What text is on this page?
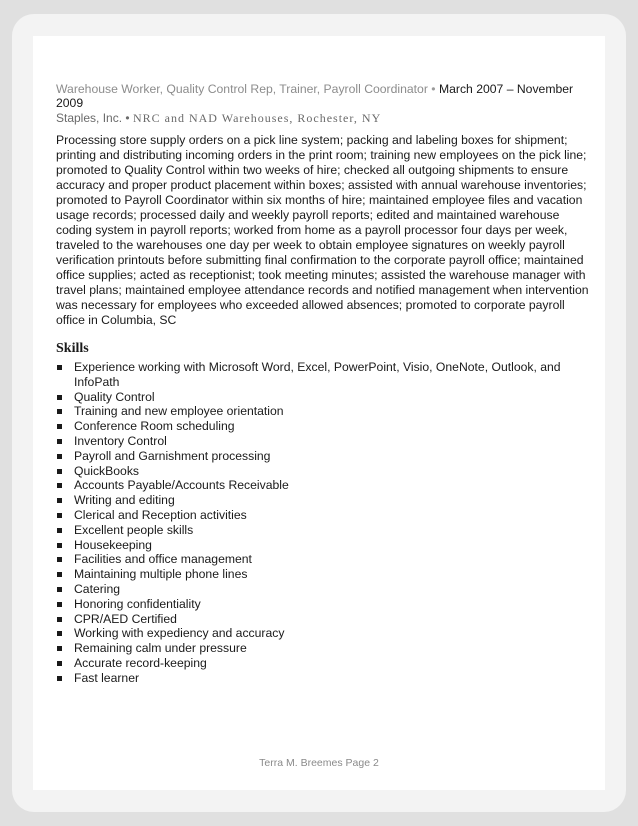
Warehouse Worker, Quality Control Rep, Trainer, Payroll Coordinator • March 2007 – November 2009
Staples, Inc. • NRC and NAD Warehouses, Rochester, NY

Processing store supply orders on a pick line system; packing and labeling boxes for shipment; printing and distributing incoming orders in the print room; training new employees on the pick line; promoted to Quality Control within two weeks of hire; checked all outgoing shipments to ensure accuracy and proper product placement within boxes; assisted with annual warehouse inventories; promoted to Payroll Coordinator within six months of hire; maintained employee files and vacation usage records; processed daily and weekly payroll reports; edited and maintained warehouse coding system in payroll reports; worked from home as a payroll processor four days per week, traveled to the warehouses one day per week to obtain employee signatures on weekly payroll verification printouts before submitting final confirmation to the corporate payroll office; maintained office supplies; acted as receptionist; took meeting minutes; assisted the warehouse manager with travel plans; maintained employee attendance records and notified management when intervention was necessary for employees who exceeded allowed absences; promoted to corporate payroll office in Columbia, SC

Skills
Experience working with Microsoft Word, Excel, PowerPoint, Visio, OneNote, Outlook, and InfoPath
Quality Control
Training and new employee orientation
Conference Room scheduling
Inventory Control
Payroll and Garnishment processing
QuickBooks
Accounts Payable/Accounts Receivable
Writing and editing
Clerical and Reception activities
Excellent people skills
Housekeeping
Facilities and office management
Maintaining multiple phone lines
Catering
Honoring confidentiality
CPR/AED Certified
Working with expediency and accuracy
Remaining calm under pressure
Accurate record-keeping
Fast learner
Terra M. Breemes Page 2
